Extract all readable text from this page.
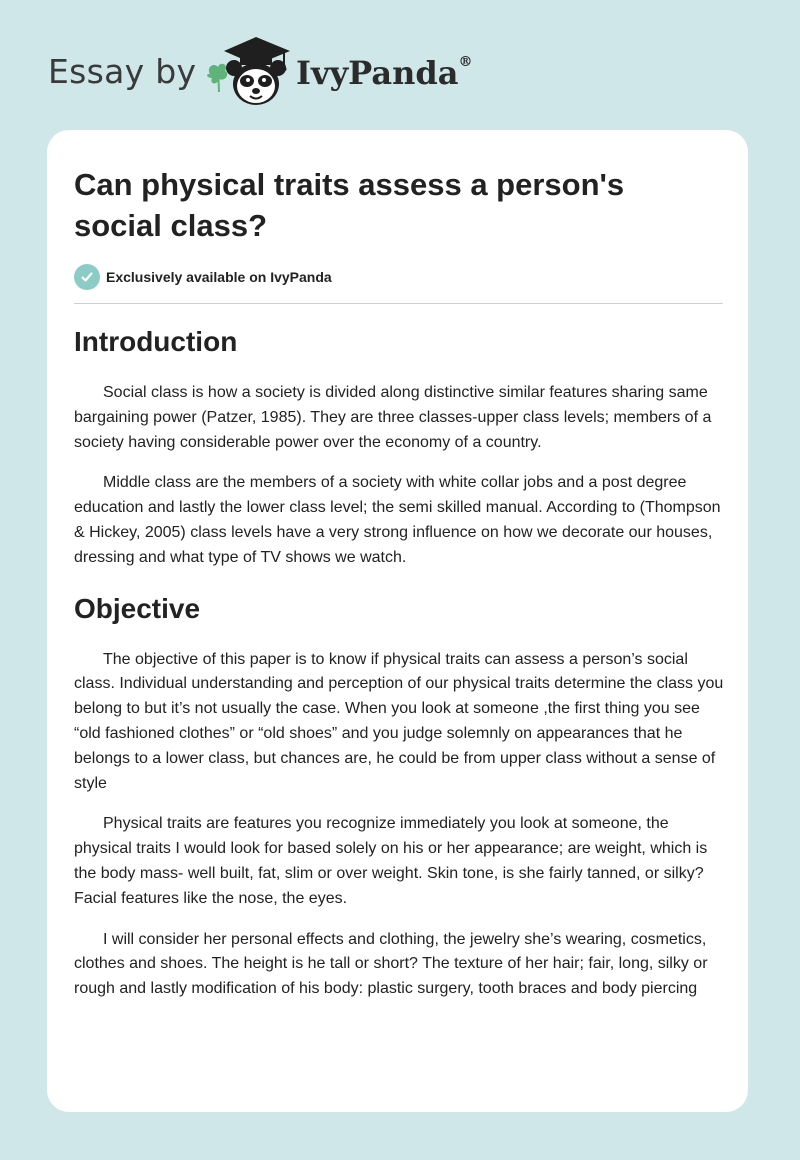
Essay by	IvyPanda®
Can physical traits assess a person's social class?
Exclusively available on IvyPanda
Introduction

Social class is how a society is divided along distinctive similar features sharing same bargaining power (Patzer, 1985). They are three classes-upper class levels; members of a society having considerable power over the economy of a country.

Middle class are the members of a society with white collar jobs and a post degree education and lastly the lower class level; the semi skilled manual. According to (Thompson & Hickey, 2005) class levels have a very strong influence on how we decorate our houses, dressing and what type of TV shows we watch.

Objective

The objective of this paper is to know if physical traits can assess a person’s social class. Individual understanding and perception of our physical traits determine the class you belong to but it’s not usually the case. When you look at someone ,the first thing you see “old fashioned clothes” or “old shoes” and you judge solemnly on appearances that he belongs to a lower class, but chances are, he could be from upper class without a sense of style

Physical traits are features you recognize immediately you look at someone, the physical traits I would look for based solely on his or her appearance; are weight, which is the body mass- well built, fat, slim or over weight. Skin tone, is she fairly tanned, or silky? Facial features like the nose, the eyes.

I will consider her personal effects and clothing, the jewelry she’s wearing, cosmetics, clothes and shoes. The height is he tall or short? The texture of her hair; fair, long, silky or rough and lastly modification of his body: plastic surgery, tooth braces and body piercing
